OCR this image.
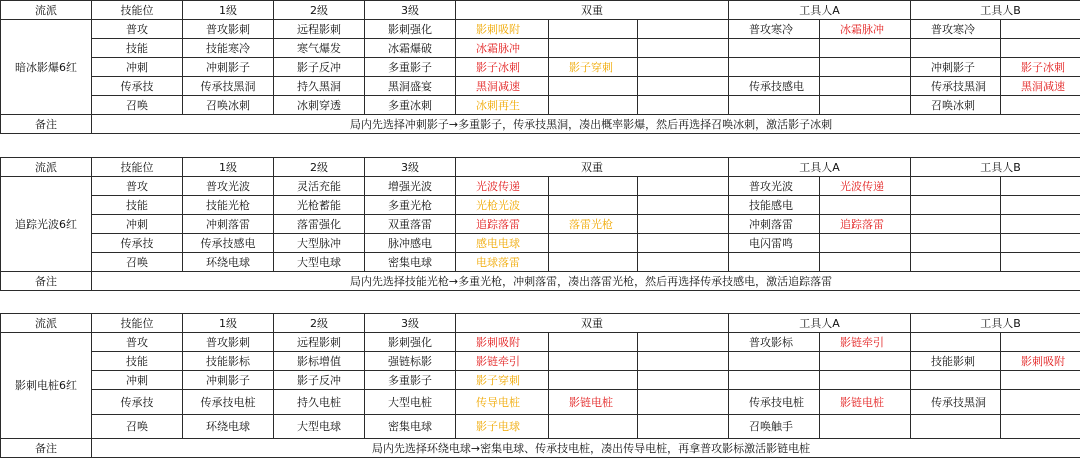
流派	技能位	1级	2级	3级	双重			工具人A		工具人B	
暗冰影爆6红	普攻	普攻影刺	远程影刺	影刺强化	影刺吸附			普攻寒冷	冰霜脉冲	普攻寒冷	
	技能	技能寒冷	寒气爆发	冰霜爆破	冰霜脉冲						
	冲刺	冲刺影子	影子反冲	多重影子	影子冰刺	影子穿刺				冲刺影子	影子冰刺
	传承技	传承技黑洞	持久黑洞	黑洞盛宴	黑洞减速			传承技感电		传承技黑洞	黑洞减速
	召唤	召唤冰刺	冰刺穿透	多重冰刺	冰刺再生					召唤冰刺	
备注	局内先选择冲刺影子→多重影子，传承技黑洞，凑出概率影爆，然后再选择召唤冰刺，激活影子冰刺										
流派	技能位	1级	2级	3级	双重			工具人A		工具人B	
追踪光波6红	普攻	普攻光波	灵活充能	增强光波	光波传递			普攻光波	光波传递		
	技能	技能光枪	光枪蓄能	多重光枪	光枪光波			技能感电			
	冲刺	冲刺落雷	落雷强化	双重落雷	追踪落雷	落雷光枪		冲刺落雷	追踪落雷		
	传承技	传承技感电	大型脉冲	脉冲感电	感电电球			电闪雷鸣			
	召唤	环绕电球	大型电球	密集电球	电球落雷						
备注	局内先选择技能光枪→多重光枪，冲刺落雷，凑出落雷光枪，然后再选择传承技感电，激活追踪落雷										
流派	技能位	1级	2级	3级	双重			工具人A		工具人B	
影刺电桩6红	普攻	普攻影刺	远程影刺	影刺强化	影刺吸附			普攻影标	影链牵引		
	技能	技能影标	影标增值	强链标影	影链牵引					技能影刺	影刺吸附
	冲刺	冲刺影子	影子反冲	多重影子	影子穿刺						
	传承技	传承技电桩	持久电桩	大型电桩	传导电桩	影链电桩		传承技电桩	影链电桩	传承技黑洞	
	召唤	环绕电球	大型电球	密集电球	影子电球			召唤触手			
备注	局内先选择环绕电球→密集电球、传承技电桩，凑出传导电桩，再拿普攻影标激活影链电桩										
